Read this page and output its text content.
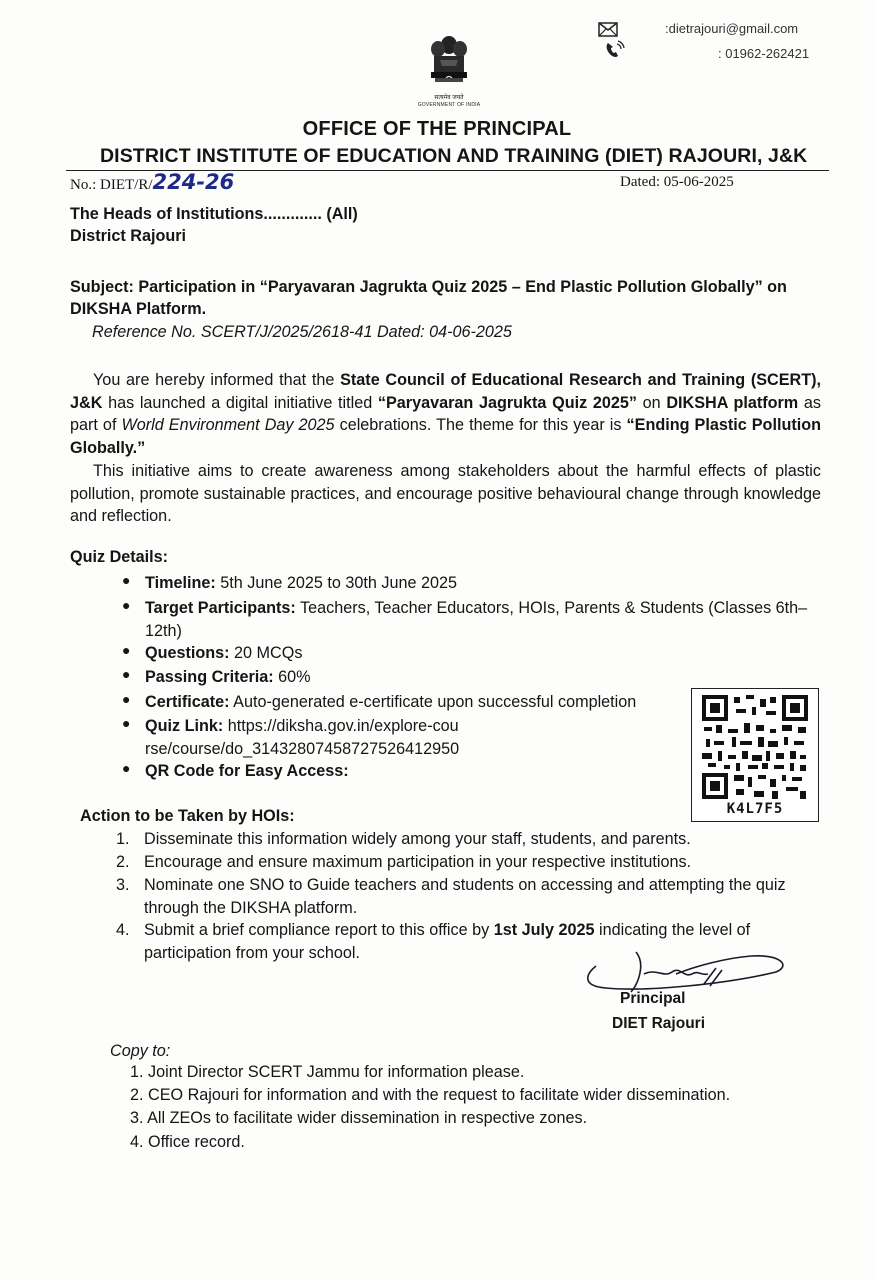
:dietrajouri@gmail.com
: 01962-262421
सत्यमेव जयते
GOVERNMENT OF INDIA
OFFICE OF THE PRINCIPAL
DISTRICT INSTITUTE OF EDUCATION AND TRAINING (DIET) RAJOURI, J&K
No.: DIET/R/224-26	Dated: 05-06-2025
The Heads of Institutions............. (All)
District Rajouri
Subject: Participation in “Paryavaran Jagrukta Quiz 2025 – End Plastic Pollution Globally” on
DIKSHA Platform.
Reference No. SCERT/J/2025/2618-41 Dated: 04-06-2025
You are hereby informed that the State Council of Educational Research and Training (SCERT), J&K has launched a digital initiative titled “Paryavaran Jagrukta Quiz 2025” on DIKSHA platform as part of World Environment Day 2025 celebrations. The theme for this year is “Ending Plastic Pollution Globally.”
This initiative aims to create awareness among stakeholders about the harmful effects of plastic pollution, promote sustainable practices, and encourage positive behavioural change through knowledge and reflection.
Quiz Details:
● Timeline: 5th June 2025 to 30th June 2025
● Target Participants: Teachers, Teacher Educators, HOIs, Parents & Students (Classes 6th–12th)
● Questions: 20 MCQs
● Passing Criteria: 60%
● Certificate: Auto-generated e-certificate upon successful completion
● Quiz Link: https://diksha.gov.in/explore-course/course/do_31432807458727526412950
● QR Code for Easy Access:
K4L7F5
Action to be Taken by HOIs:
1. Disseminate this information widely among your staff, students, and parents.
2. Encourage and ensure maximum participation in your respective institutions.
3. Nominate one SNO to Guide teachers and students on accessing and attempting the quiz through the DIKSHA platform.
4. Submit a brief compliance report to this office by 1st July 2025 indicating the level of participation from your school.
Principal
DIET Rajouri
Copy to:
1. Joint Director SCERT Jammu for information please.
2. CEO Rajouri for information and with the request to facilitate wider dissemination.
3. All ZEOs to facilitate wider dissemination in respective zones.
4. Office record.
